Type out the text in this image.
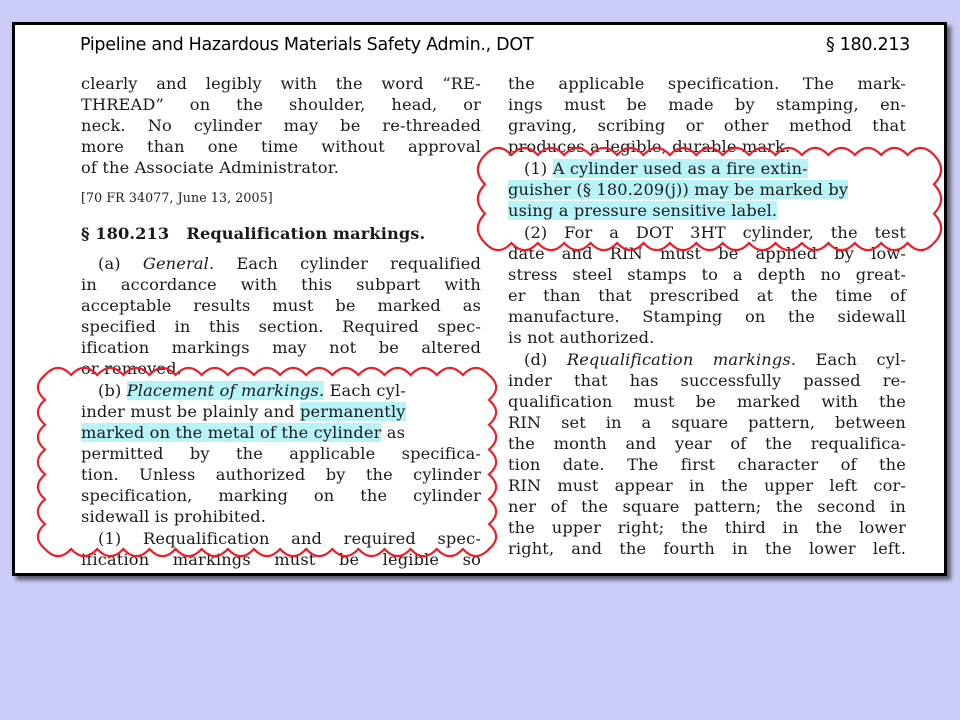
Pipeline and Hazardous Materials Safety Admin., DOT	§ 180.213
clearly and legibly with the word “RE-
THREAD” on the shoulder, head, or
neck. No cylinder may be re-threaded
more than one time without approval
of the Associate Administrator.
[70 FR 34077, June 13, 2005]
§ 180.213   Requalification markings.
(a) General. Each cylinder requalified
in accordance with this subpart with
acceptable results must be marked as
specified in this section. Required spec-
ification markings may not be altered
or removed.
(b) Placement of markings. Each cyl-
inder must be plainly and permanently
marked on the metal of the cylinder as
permitted by the applicable specifica-
tion. Unless authorized by the cylinder
specification, marking on the cylinder
sidewall is prohibited.
(1) Requalification and required spec-
ification markings must be legible so
the applicable specification. The mark-
ings must be made by stamping, en-
graving, scribing or other method that
produces a legible, durable mark.
(1) A cylinder used as a fire extin-
guisher (§ 180.209(j)) may be marked by
using a pressure sensitive label.
(2) For a DOT 3HT cylinder, the test
date and RIN must be applied by low-
stress steel stamps to a depth no great-
er than that prescribed at the time of
manufacture. Stamping on the sidewall
is not authorized.
(d) Requalification markings. Each cyl-
inder that has successfully passed re-
qualification must be marked with the
RIN set in a square pattern, between
the month and year of the requalifica-
tion date. The first character of the
RIN must appear in the upper left cor-
ner of the square pattern; the second in
the upper right; the third in the lower
right, and the fourth in the lower left.
